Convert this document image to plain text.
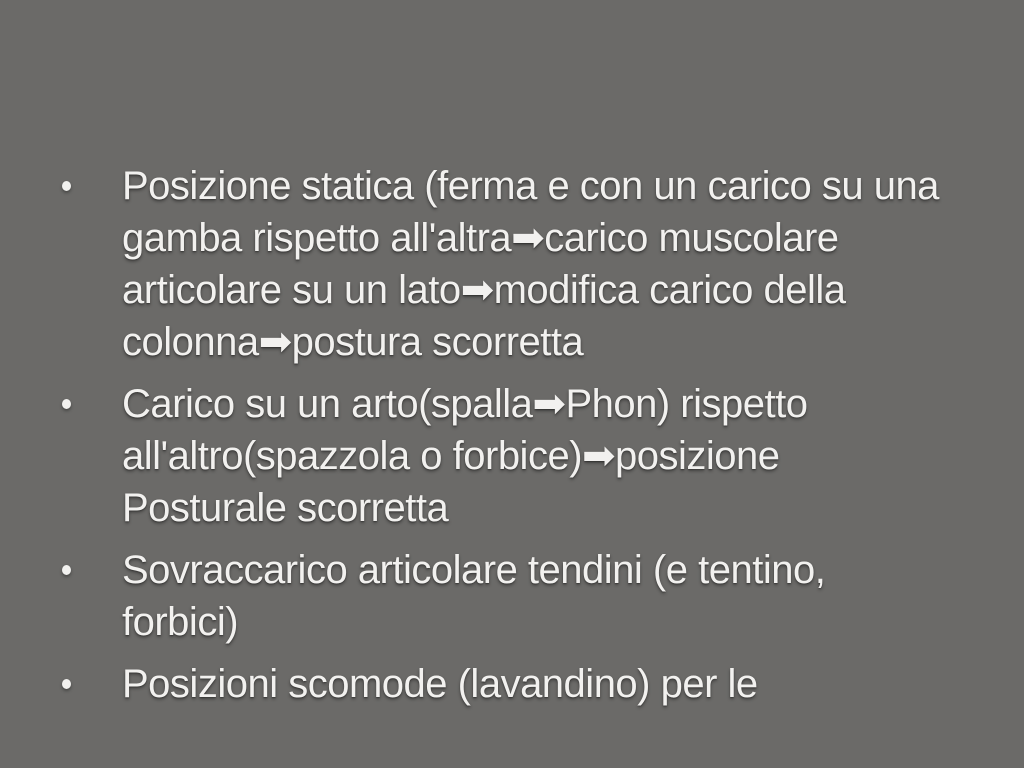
Posizione statica (ferma e con un carico su una
gamba rispetto all'altra➡carico muscolare
articolare su un lato➡modifica carico della
colonna➡postura scorretta
Carico su un arto(spalla➡Phon) rispetto
all'altro(spazzola o forbice)➡posizione
Posturale scorretta
Sovraccarico articolare tendini (e tentino,
forbici)
Posizioni scomode (lavandino) per le
